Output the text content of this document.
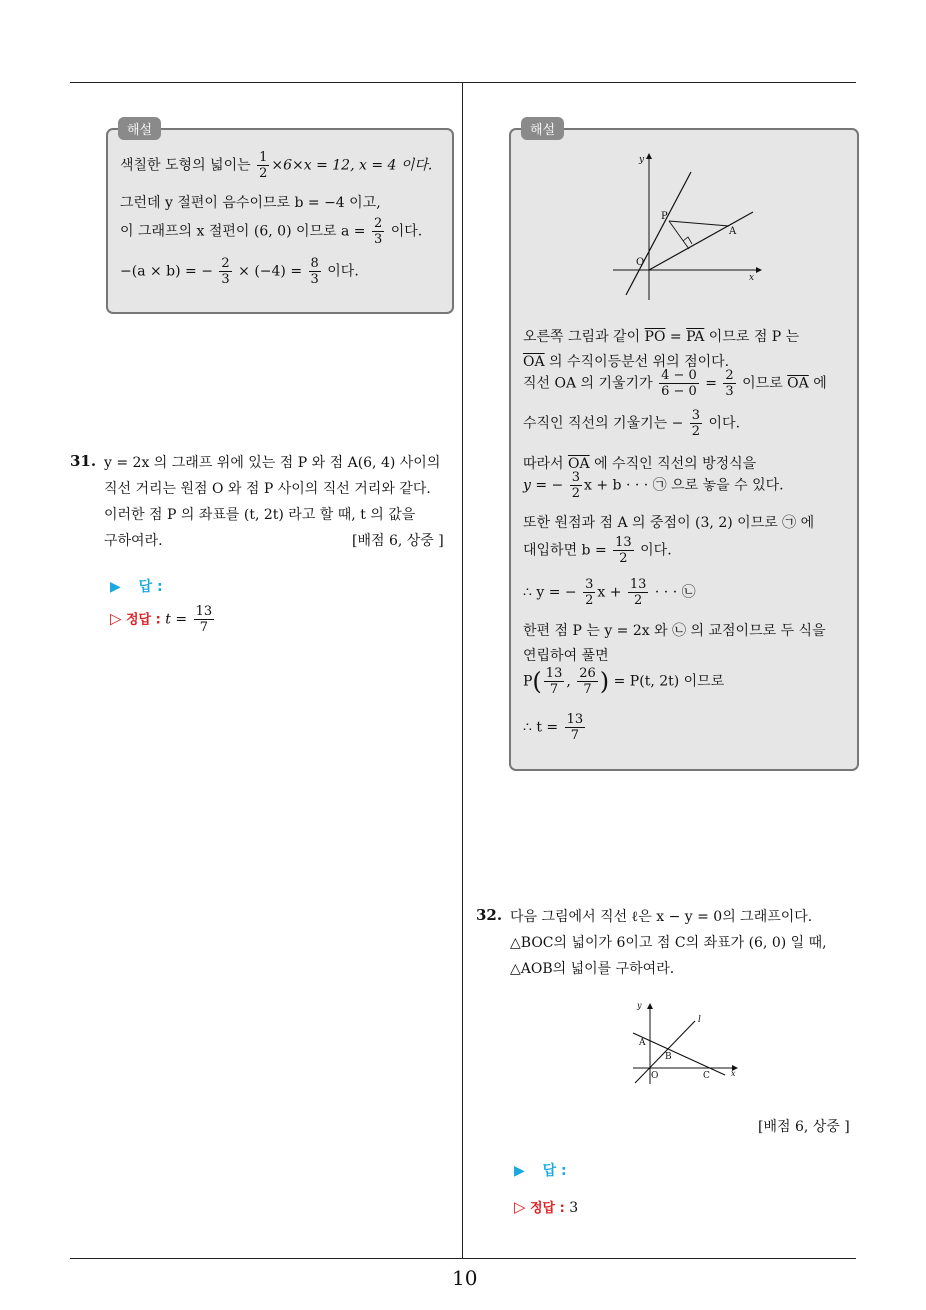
해설
색칠한 도형의 넓이는 $\frac{1}{2} \times 6\times x = 12$, x = 4 이다.
그런데 y 절편이 음수이므로 b = −4 이고,
이 그래프의 x 절편이 (6, 0) 이므로 $a = \frac{2}{3}$ 이다.
−(a × b) = − $\frac{2}{3} \times (-4) = \frac{8}{3}$ 이다.
31. y = 2x 의 그래프 위에 있는 점 P 와 점 A(6, 4) 사이의
직선 거리는 원점 O 와 점 P 사이의 직선 거리와 같다.
이러한 점 P 의 좌표를 (t, 2t) 라고 할 때, t 의 값을
구하여라.	[배점 6, 상중 ]
▶ 답 :
▷ 정답 : $t = \frac{13}{7}$
해설
y
x
P
A
O
오른쪽 그림과 같이 $\overline{PO} = \overline{PA}$ 이므로 점 P 는
$\overline{OA}$ 의 수직이등분선 위의 점이다.
직선 OA 의 기울기가 $\frac{4 - 0}{6 - 0} = \frac{2}{3}$ 이므로 $\overline{OA}$ 에
수직인 직선의 기울기는 − $\frac{3}{2}$ 이다.
따라서 $\overline{OA}$ 에 수직인 직선의 방정식을
y = − $\frac{3}{2}$ x + b · · · ㉠ 으로 놓을 수 있다.
또한 원점과 점 A 의 중점이 (3, 2) 이므로 ㉠ 에
대입하면 $b = \frac{13}{2}$ 이다.
∴ y = − $\frac{3}{2}$ $x + \frac{13}{2}$ · · · ㉡
한편 점 P 는 y = 2x 와 ㉡ 의 교점이므로 두 식을
연립하여 풀면
$P( \frac{13}{7}$ , $\frac{26}{7}$ ) = P(t, 2t) 이므로
∴ $t = \frac{13}{7}$
32. 다음 그림에서 직선 ℓ은 x − y = 0의 그래프이다.
△BOC의 넓이가 6이고 점 C의 좌표가 (6, 0) 일 때,
△AOB의 넓이를 구하여라.
y
l
A
B
O	C	x
[배점 6, 상중 ]
▶ 답 :
▷ 정답 : 3
10
